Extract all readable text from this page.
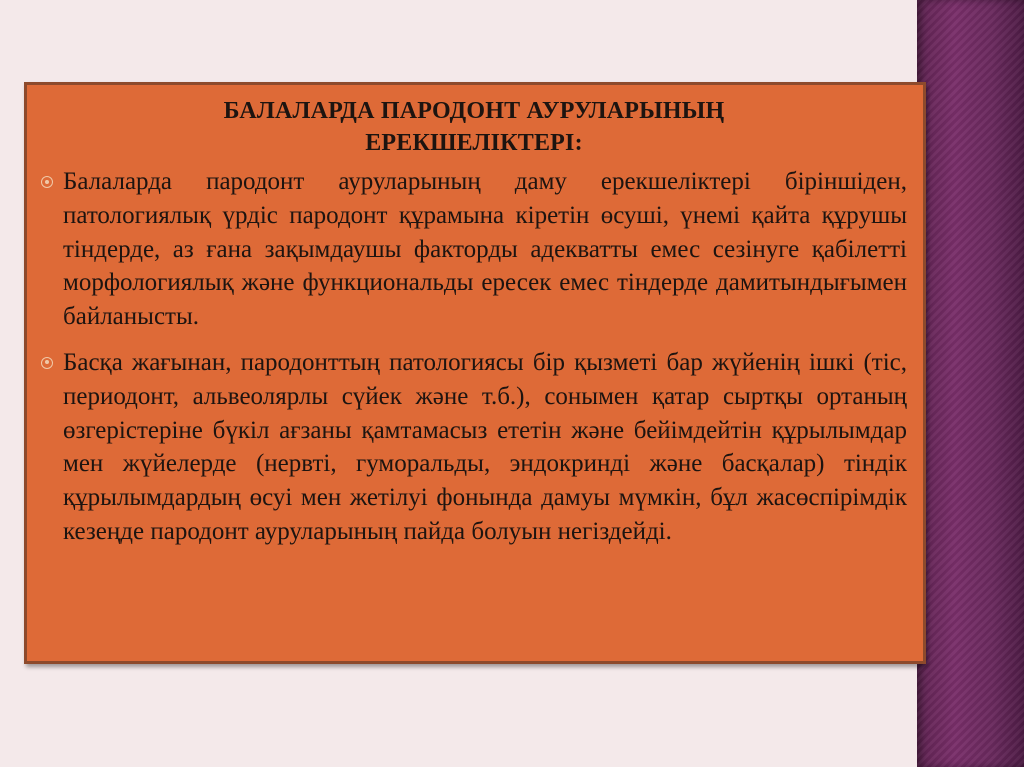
БАЛАЛАРДА ПАРОДОНТ АУРУЛАРЫНЫҢ
ЕРЕКШЕЛІКТЕРІ:
Балаларда пародонт ауруларының даму ерекшеліктері біріншіден, патологиялық үрдіс пародонт құрамына кіретін өсуші, үнемі қайта құрушы тіндерде, аз ғана зақымдаушы факторды адекватты емес сезінуге қабілетті морфологиялық және функциональды ересек емес тіндерде дамитындығымен байланысты.
Басқа жағынан, пародонттың патологиясы бір қызметі бар жүйенің ішкі (тіс, периодонт, альвеолярлы сүйек және т.б.), сонымен қатар сыртқы ортаның өзгерістеріне бүкіл ағзаны қамтамасыз ететін және бейімдейтін құрылымдар мен жүйелерде (нервті, гуморальды, эндокринді және басқалар) тіндік құрылымдардың өсуі мен жетілуі фонында дамуы мүмкін, бұл жасөспірімдік кезеңде пародонт ауруларының пайда болуын негіздейді.
